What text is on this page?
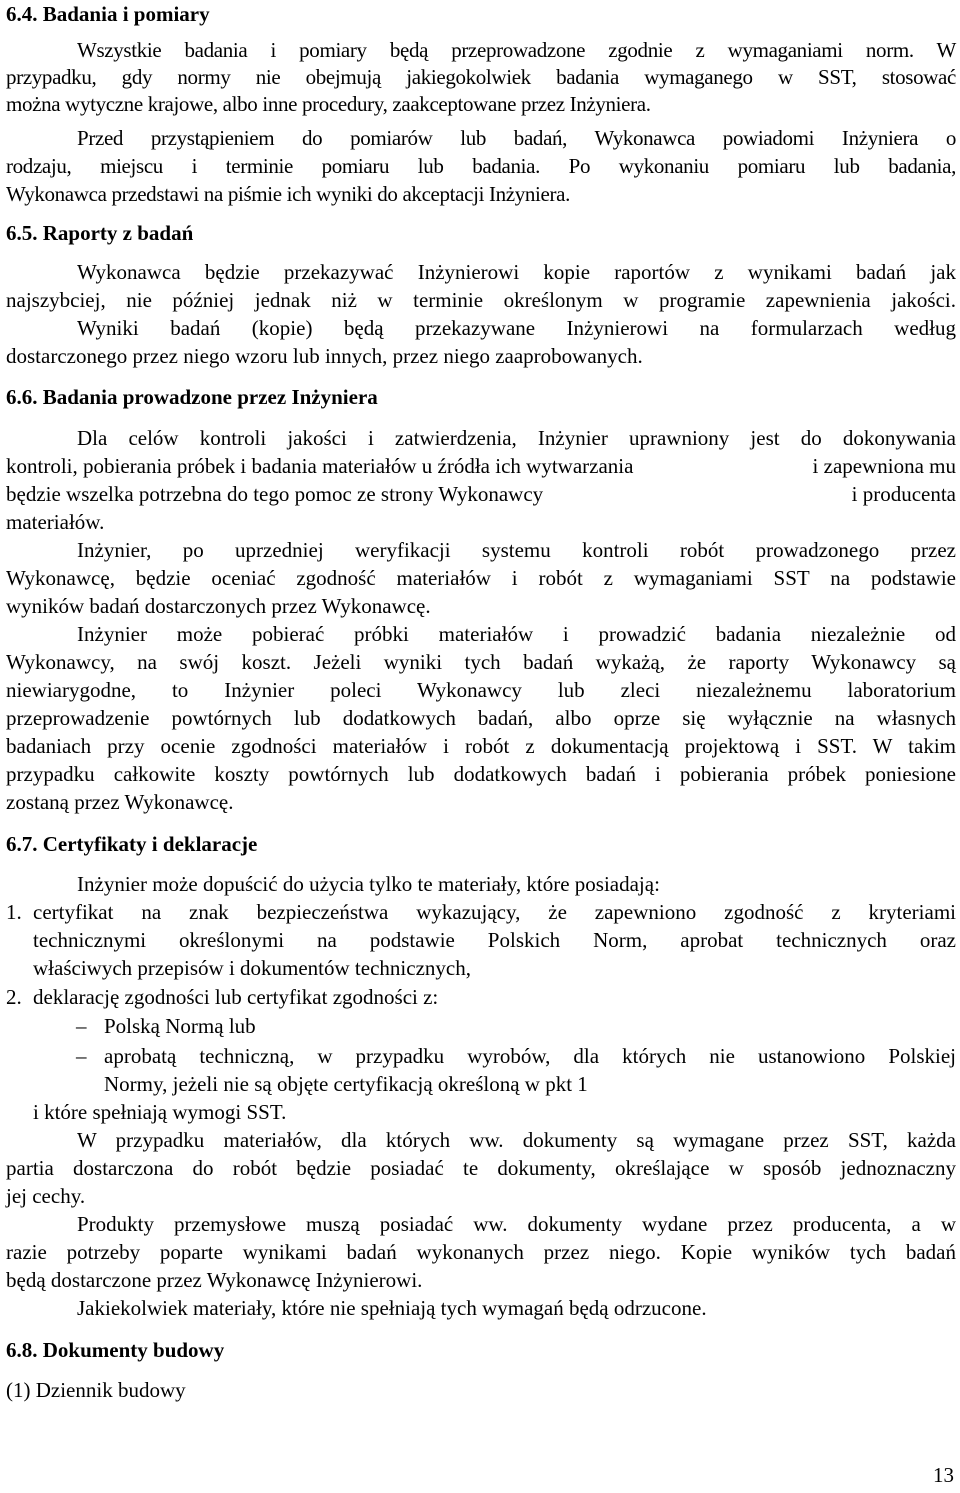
6.4. Badania i pomiary
Wszystkie badania i pomiary będą przeprowadzone zgodnie z wymaganiami norm. W
przypadku, gdy normy nie obejmują jakiegokolwiek badania wymaganego w SST, stosować
można wytyczne krajowe, albo inne procedury, zaakceptowane przez Inżyniera.
Przed przystąpieniem do pomiarów lub badań, Wykonawca powiadomi Inżyniera o
rodzaju, miejscu i terminie pomiaru lub badania. Po wykonaniu pomiaru lub badania,
Wykonawca przedstawi na piśmie ich wyniki do akceptacji Inżyniera.
6.5. Raporty z badań
Wykonawca będzie przekazywać Inżynierowi kopie raportów z wynikami badań jak
najszybciej, nie później jednak niż w terminie określonym w programie zapewnienia jakości.
Wyniki badań (kopie) będą przekazywane Inżynierowi na formularzach według
dostarczonego przez niego wzoru lub innych, przez niego zaaprobowanych.
6.6. Badania prowadzone przez Inżyniera
Dla celów kontroli jakości i zatwierdzenia, Inżynier uprawniony jest do dokonywania
kontroli, pobierania próbek i badania materiałów u źródła ich wytwarzania	i zapewniona mu
będzie wszelka potrzebna do tego pomoc ze strony Wykonawcy	i producenta
materiałów.
Inżynier, po uprzedniej weryfikacji systemu kontroli robót prowadzonego przez
Wykonawcę, będzie oceniać zgodność materiałów i robót z wymaganiami SST na podstawie
wyników badań dostarczonych przez Wykonawcę.
Inżynier może pobierać próbki materiałów i prowadzić badania niezależnie od
Wykonawcy, na swój koszt. Jeżeli wyniki tych badań wykażą, że raporty Wykonawcy są
niewiarygodne, to Inżynier poleci Wykonawcy lub zleci niezależnemu laboratorium
przeprowadzenie powtórnych lub dodatkowych badań, albo oprze się wyłącznie na własnych
badaniach przy ocenie zgodności materiałów i robót z dokumentacją projektową i SST. W takim
przypadku całkowite koszty powtórnych lub dodatkowych badań i pobierania próbek poniesione
zostaną przez Wykonawcę.
6.7. Certyfikaty i deklaracje
Inżynier może dopuścić do użycia tylko te materiały, które posiadają:
1. certyfikat na znak bezpieczeństwa wykazujący, że zapewniono zgodność z kryteriami
technicznymi określonymi na podstawie Polskich Norm, aprobat technicznych oraz
właściwych przepisów i dokumentów technicznych,
2. deklarację zgodności lub certyfikat zgodności z:
– Polską Normą lub
– aprobatą techniczną, w przypadku wyrobów, dla których nie ustanowiono Polskiej
Normy, jeżeli nie są objęte certyfikacją określoną w pkt 1
i które spełniają wymogi SST.
W przypadku materiałów, dla których ww. dokumenty są wymagane przez SST, każda
partia dostarczona do robót będzie posiadać te dokumenty, określające w sposób jednoznaczny
jej cechy.
Produkty przemysłowe muszą posiadać ww. dokumenty wydane przez producenta, a w
razie potrzeby poparte wynikami badań wykonanych przez niego. Kopie wyników tych badań
będą dostarczone przez Wykonawcę Inżynierowi.
Jakiekolwiek materiały, które nie spełniają tych wymagań będą odrzucone.
6.8. Dokumenty budowy
(1) Dziennik budowy
13
